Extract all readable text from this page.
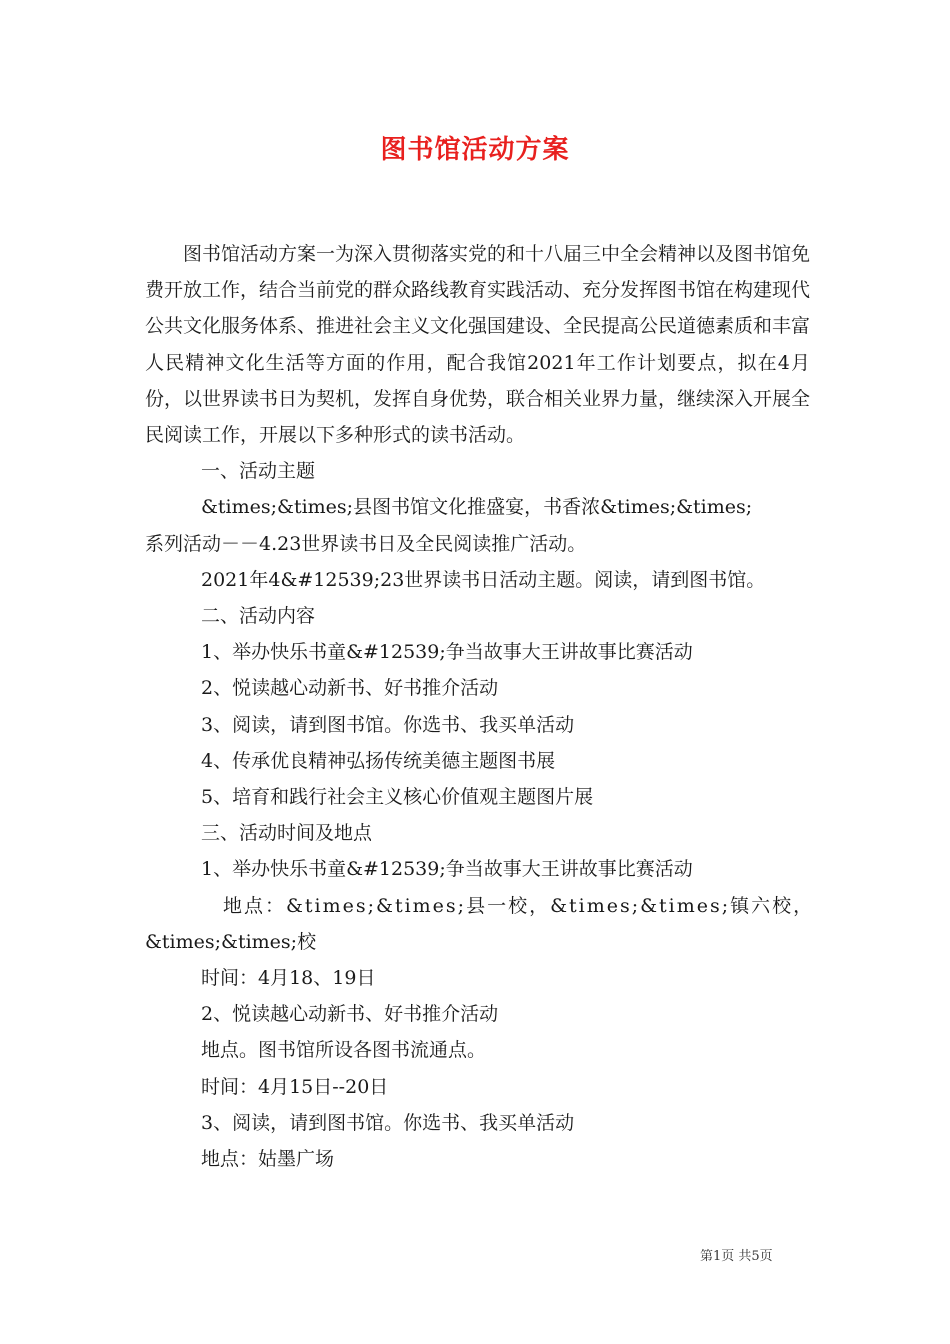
图书馆活动方案

图书馆活动方案一为深入贯彻落实党的和十八届三中全会精神以及图书馆免费开放工作，结合当前党的群众路线教育实践活动、充分发挥图书馆在构建现代公共文化服务体系、推进社会主义文化强国建设、全民提高公民道德素质和丰富人民精神文化生活等方面的作用，配合我馆2021年工作计划要点，拟在4月份，以世界读书日为契机，发挥自身优势，联合相关业界力量，继续深入开展全民阅读工作，开展以下多种形式的读书活动。

一、活动主题

&times;&times;县图书馆文化推盛宴，书香浓&times;&times;

系列活动－－4.23世界读书日及全民阅读推广活动。

2021年4&#12539;23世界读书日活动主题。阅读，请到图书馆。

二、活动内容

1、举办快乐书童&#12539;争当故事大王讲故事比赛活动

2、悦读越心动新书、好书推介活动

3、阅读，请到图书馆。你选书、我买单活动

4、传承优良精神弘扬传统美德主题图书展

5、培育和践行社会主义核心价值观主题图片展

三、活动时间及地点

1、举办快乐书童&#12539;争当故事大王讲故事比赛活动

地点：&times;&times;县一校，&times;&times;镇六校，

&times;&times;校

时间：4月18、19日

2、悦读越心动新书、好书推介活动

地点。图书馆所设各图书流通点。

时间：4月15日--20日

3、阅读，请到图书馆。你选书、我买单活动

地点：姑墨广场

第1页 共5页
